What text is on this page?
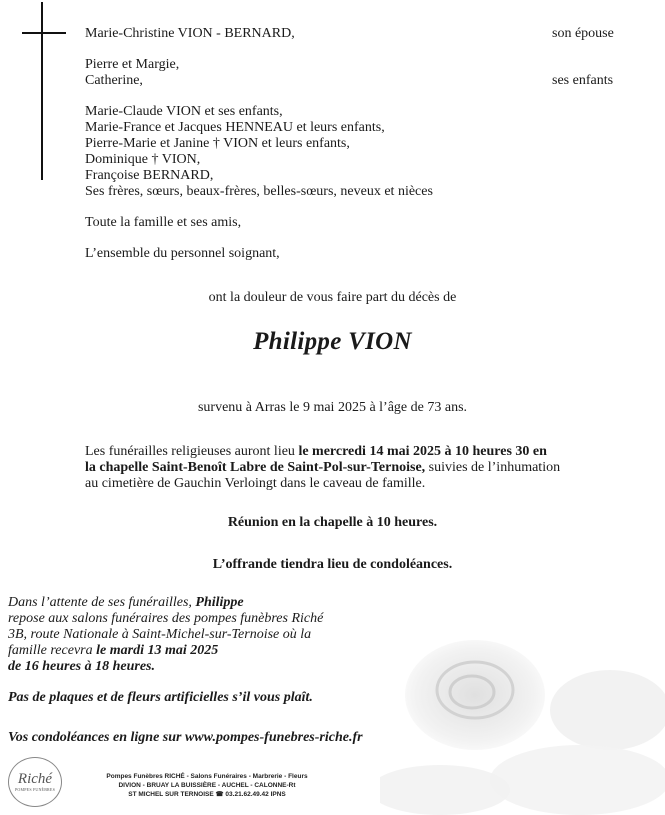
Marie-Christine VION - BERNARD,	son épouse
Pierre et Margie,
Catherine,	ses enfants
Marie-Claude VION et ses enfants,
Marie-France et Jacques HENNEAU et leurs enfants,
Pierre-Marie et Janine † VION et leurs enfants,
Dominique † VION,
Françoise BERNARD,
Ses frères, sœurs, beaux-frères, belles-sœurs, neveux et nièces
Toute la famille et ses amis,
L’ensemble du personnel soignant,
ont la douleur de vous faire part du décès de
Philippe VION
survenu à Arras le 9 mai 2025 à l’âge de 73 ans.
Les funérailles religieuses auront lieu le mercredi 14 mai 2025 à 10 heures 30 en
la chapelle Saint-Benoît Labre de Saint-Pol-sur-Ternoise, suivies de l’inhumation
au cimetière de Gauchin Verloingt dans le caveau de famille.
Réunion en la chapelle à 10 heures.
L’offrande tiendra lieu de condoléances.
Dans l’attente de ses funérailles, Philippe
repose aux salons funéraires des pompes funèbres Riché
3B, route Nationale à Saint-Michel-sur-Ternoise où la
famille recevra le mardi 13 mai 2025
de 16 heures à 18 heures.
Pas de plaques et de fleurs artificielles s’il vous plaît.
Vos condoléances en ligne sur www.pompes-funebres-riche.fr
Riché
POMPES FUNÈBRES
Pompes Funèbres RICHÉ - Salons Funéraires - Marbrerie - Fleurs
DIVION - BRUAY LA BUISSIÈRE - AUCHEL - CALONNE-Rt
ST MICHEL SUR TERNOISE ☎ 03.21.62.49.42 IPNS
